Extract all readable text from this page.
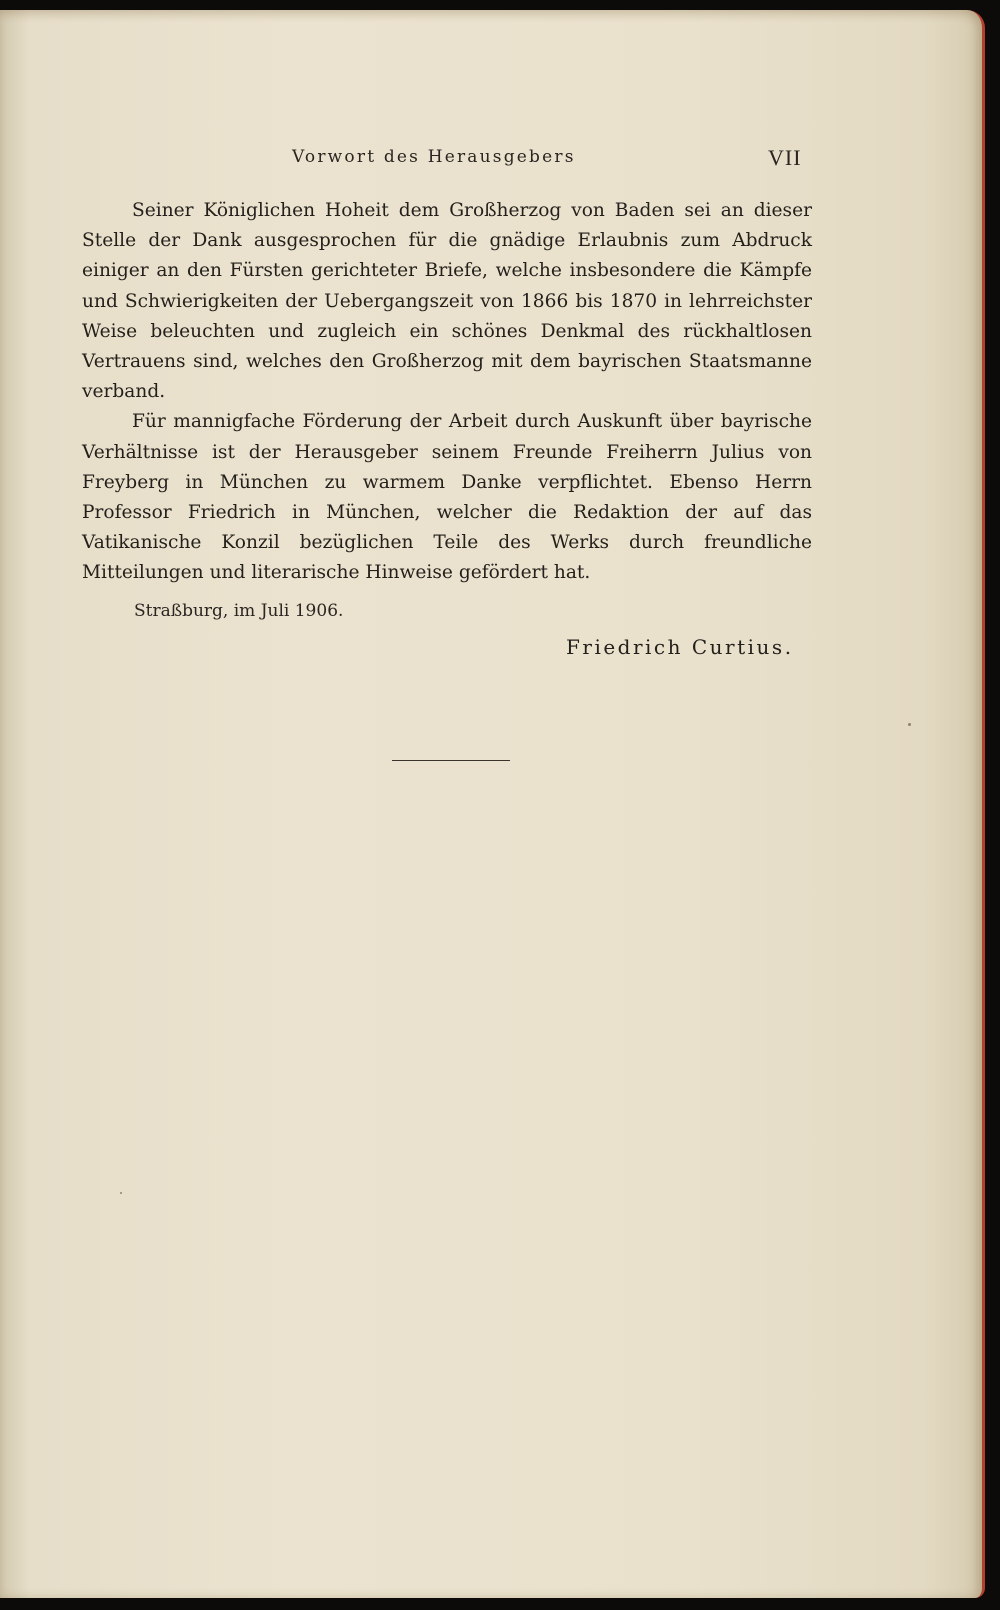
Vorwort des Herausgebers	VII

Seiner Königlichen Hoheit dem Großherzog von Baden sei an dieser Stelle der Dank ausgesprochen für die gnädige Erlaubnis zum Abdruck einiger an den Fürsten gerichteter Briefe, welche insbesondere die Kämpfe und Schwierigkeiten der Uebergangszeit von 1866 bis 1870 in lehrreichster Weise beleuchten und zugleich ein schönes Denkmal des rückhaltlosen Vertrauens sind, welches den Großherzog mit dem bayrischen Staatsmanne verband.

Für mannigfache Förderung der Arbeit durch Auskunft über bayrische Verhältnisse ist der Herausgeber seinem Freunde Freiherrn Julius von Freyberg in München zu warmem Danke verpflichtet. Ebenso Herrn Professor Friedrich in München, welcher die Redaktion der auf das Vatikanische Konzil bezüglichen Teile des Werks durch freundliche Mitteilungen und literarische Hinweise gefördert hat.

Straßburg, im Juli 1906.
Friedrich Curtius.
